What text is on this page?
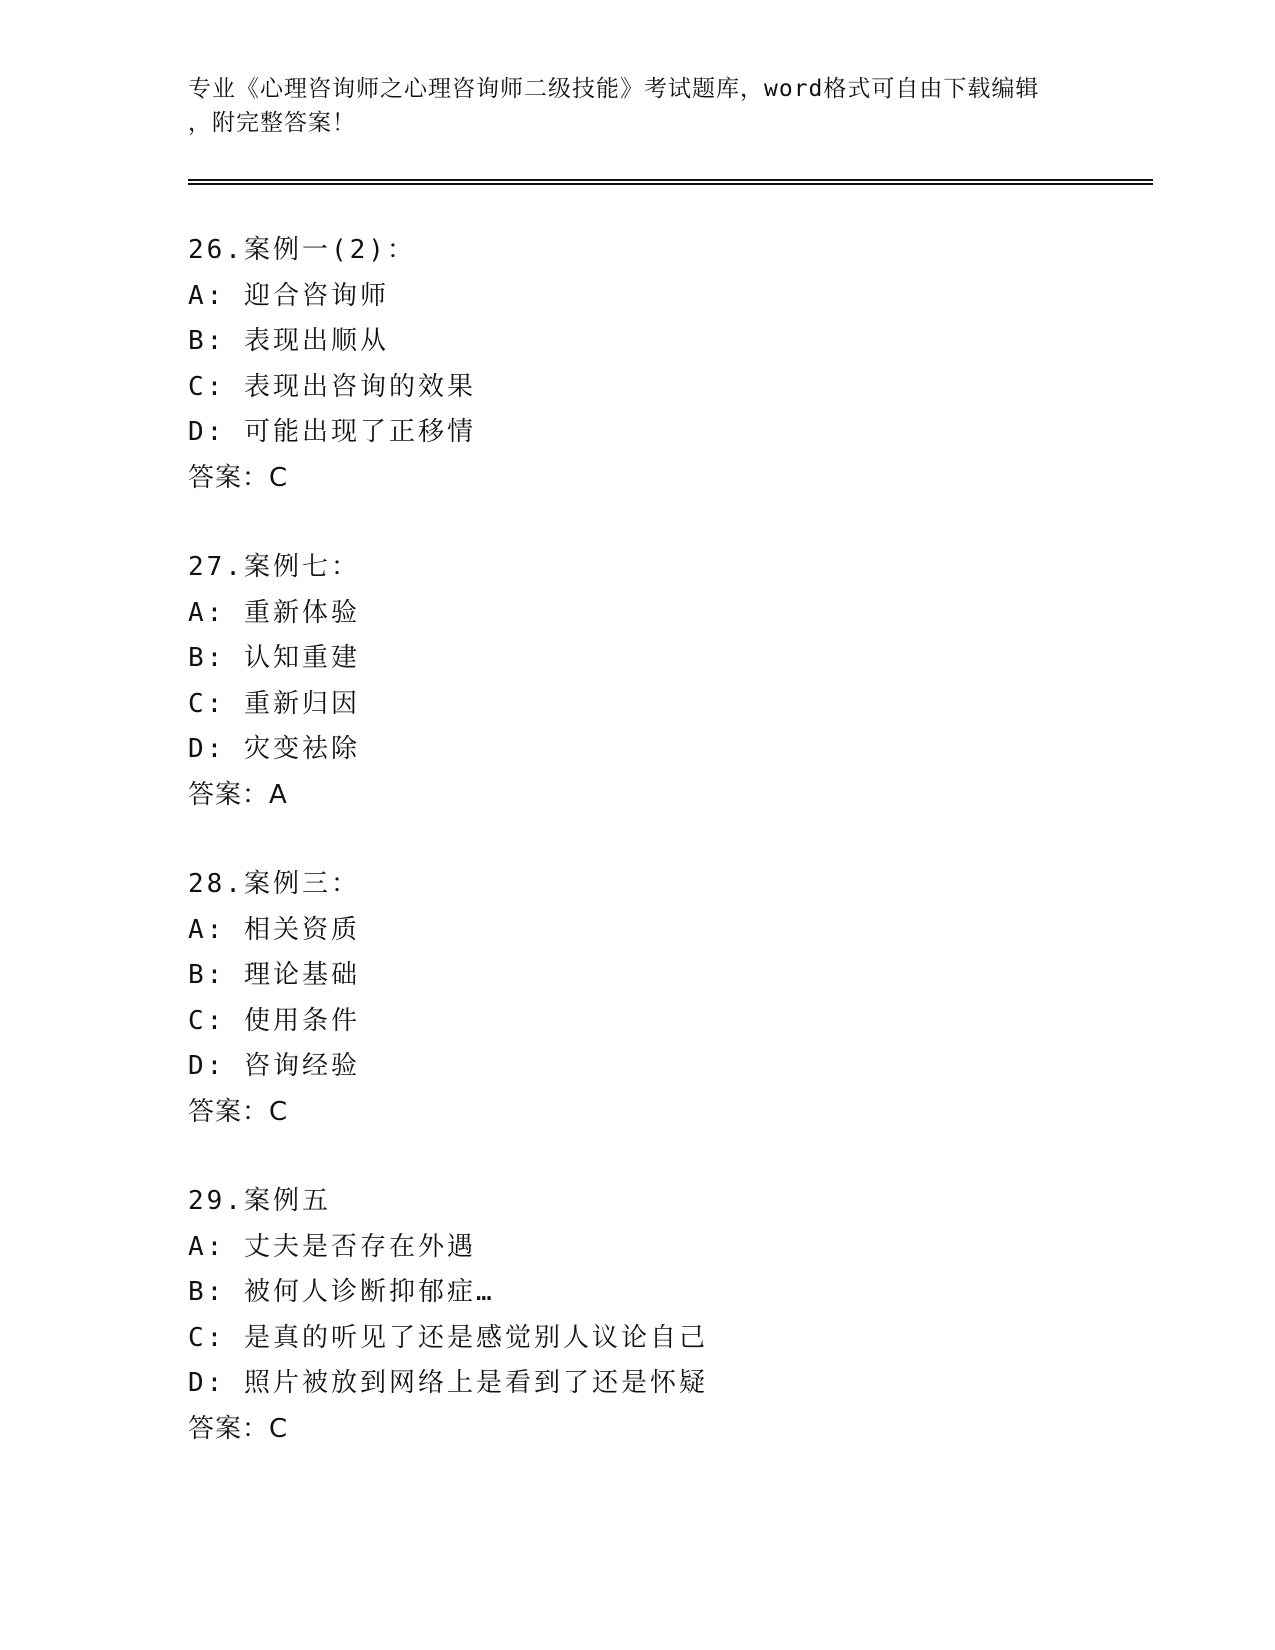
专业《心理咨询师之心理咨询师二级技能》考试题库，word格式可自由下载编辑
，附完整答案！
26.案例一(2)：
A: 迎合咨询师
B: 表现出顺从
C: 表现出咨询的效果
D: 可能出现了正移情
答案：C
27.案例七：
A: 重新体验
B: 认知重建
C: 重新归因
D: 灾变祛除
答案：A
28.案例三：
A: 相关资质
B: 理论基础
C: 使用条件
D: 咨询经验
答案：C
29.案例五
A: 丈夫是否存在外遇
B: 被何人诊断抑郁症…
C: 是真的听见了还是感觉别人议论自己
D: 照片被放到网络上是看到了还是怀疑
答案：C
